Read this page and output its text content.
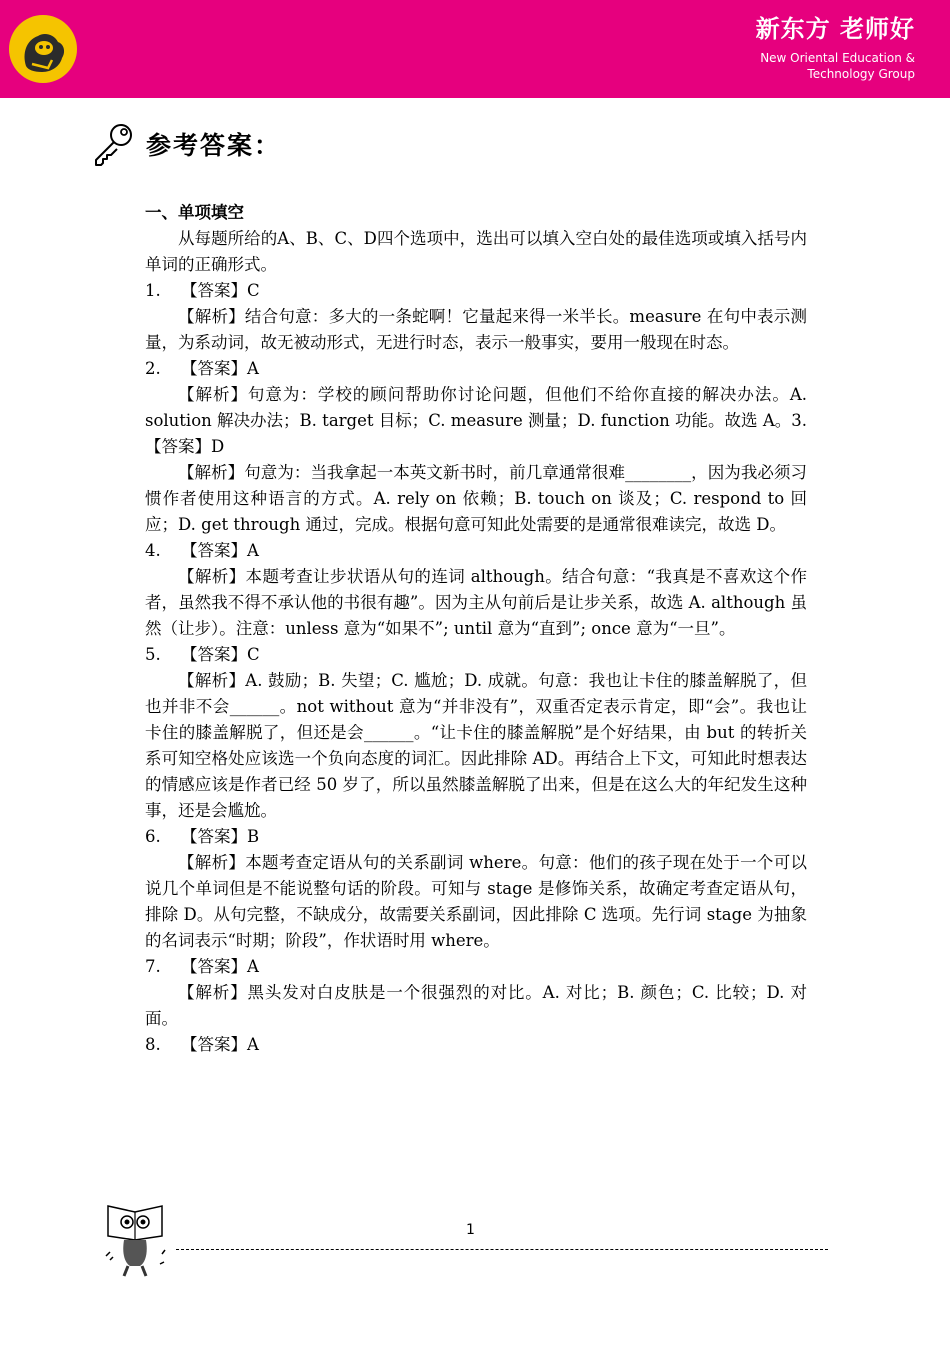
新东方 老师好
New Oriental Education &
Technology Group
参考答案：

一、单项填空

从每题所给的A、B、C、D四个选项中，选出可以填入空白处的最佳选项或填入括号内单词的正确形式。

1. 【答案】C

【解析】结合句意：多大的一条蛇啊！它量起来得一米半长。measure 在句中表示测量，为系动词，故无被动形式，无进行时态，表示一般事实，要用一般现在时态。

2. 【答案】A

【解析】句意为：学校的顾问帮助你讨论问题，但他们不给你直接的解决办法。A. solution 解决办法；B. target 目标；C. measure 测量；D. function 功能。故选 A。3. 【答案】D

【解析】句意为：当我拿起一本英文新书时，前几章通常很难________，因为我必须习惯作者使用这种语言的方式。A. rely on 依赖；B. touch on 谈及；C. respond to 回应；D. get through 通过，完成。根据句意可知此处需要的是通常很难读完，故选 D。

4. 【答案】A

【解析】本题考查让步状语从句的连词 although。结合句意：“我真是不喜欢这个作者，虽然我不得不承认他的书很有趣”。因为主从句前后是让步关系，故选 A. although 虽然（让步）。注意：unless 意为“如果不”; until 意为“直到”; once 意为“一旦”。

5. 【答案】C

【解析】A. 鼓励；B. 失望；C. 尴尬；D. 成就。句意：我也让卡住的膝盖解脱了，但也并非不会______。not without 意为“并非没有”，双重否定表示肯定，即“会”。我也让卡住的膝盖解脱了，但还是会______。“让卡住的膝盖解脱”是个好结果，由 but 的转折关系可知空格处应该选一个负向态度的词汇。因此排除 AD。再结合上下文，可知此时想表达的情感应该是作者已经 50 岁了，所以虽然膝盖解脱了出来，但是在这么大的年纪发生这种事，还是会尴尬。

6. 【答案】B

【解析】本题考查定语从句的关系副词 where。句意：他们的孩子现在处于一个可以说几个单词但是不能说整句话的阶段。可知与 stage 是修饰关系，故确定考查定语从句，排除 D。从句完整，不缺成分，故需要关系副词，因此排除 C 选项。先行词 stage 为抽象的名词表示“时期；阶段”，作状语时用 where。

7. 【答案】A

【解析】黑头发对白皮肤是一个很强烈的对比。A. 对比；B. 颜色；C. 比较；D. 对面。

8. 【答案】A

1
